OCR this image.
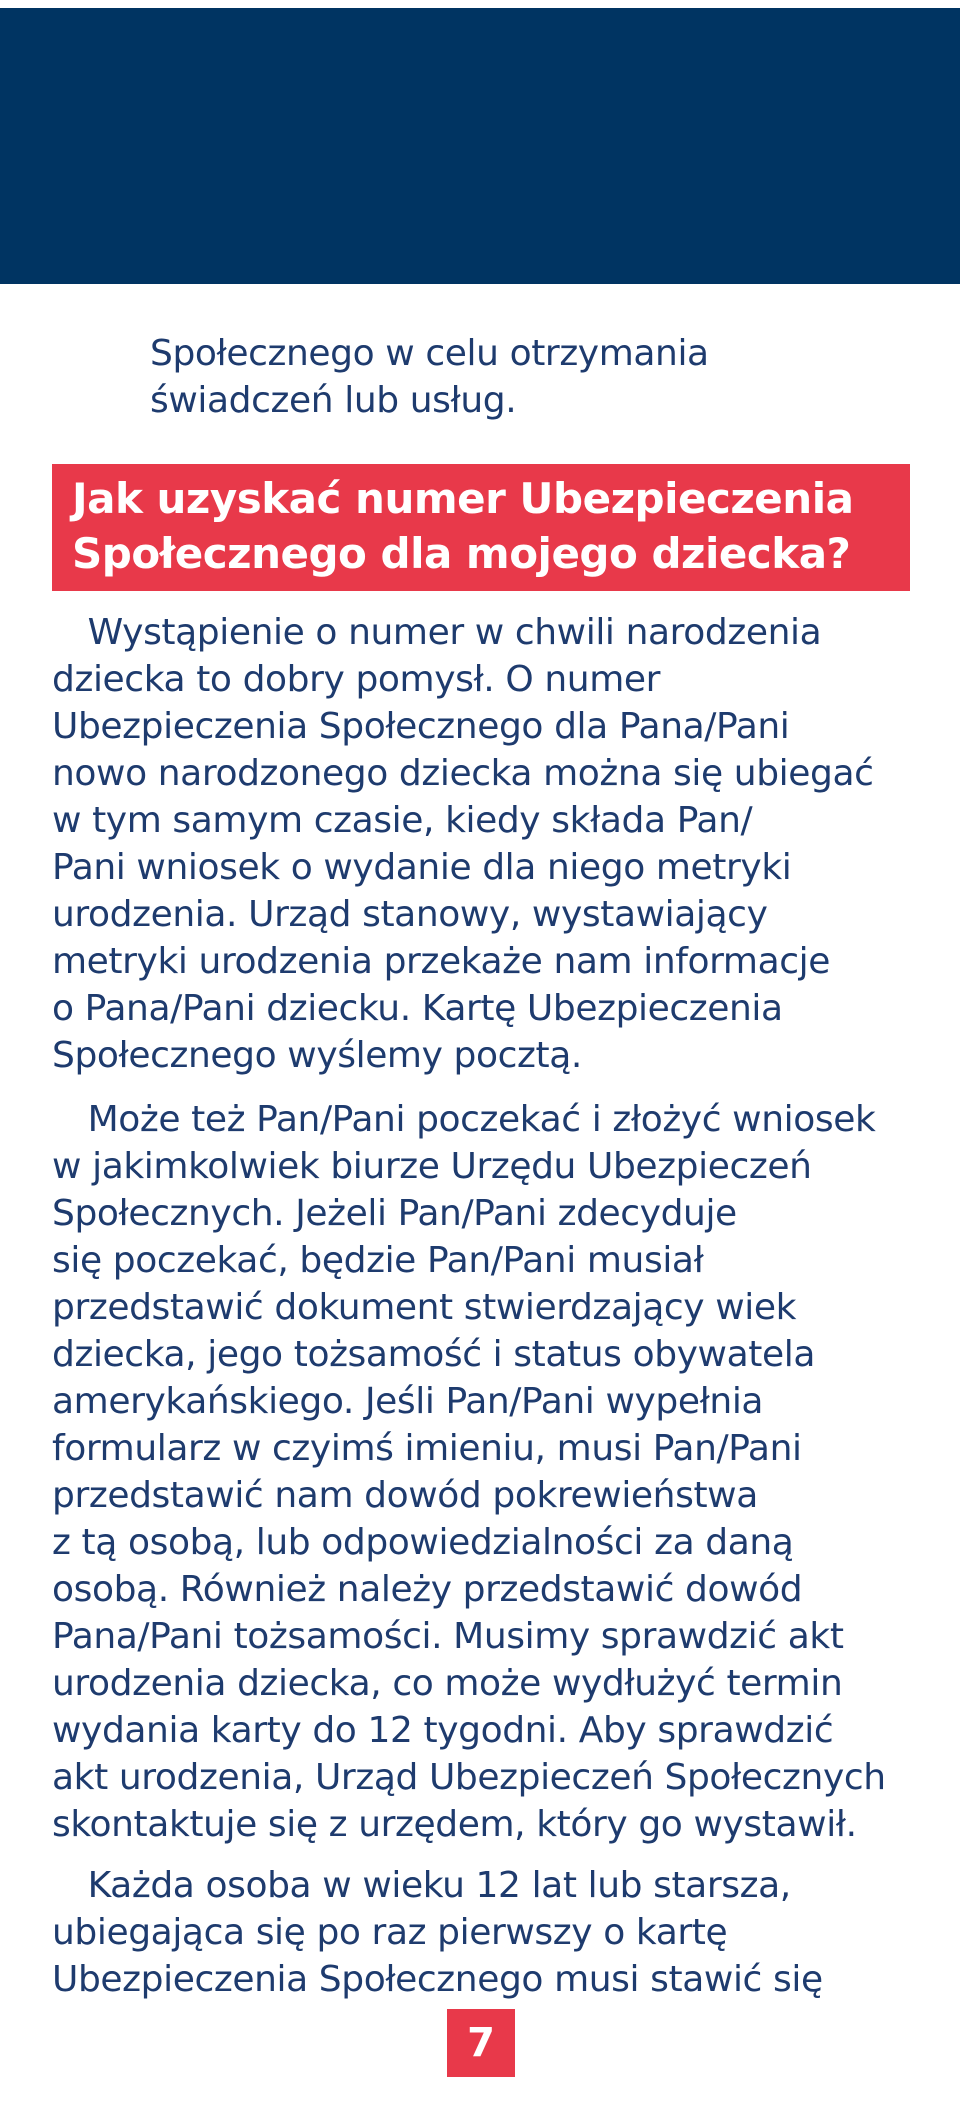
Społecznego w celu otrzymania
świadczeń lub usług.

Jak uzyskać numer Ubezpieczenia
Społecznego dla mojego dziecka?

 Wystąpienie o numer w chwili narodzenia
dziecka to dobry pomysł. O numer
Ubezpieczenia Społecznego dla Pana/Pani
nowo narodzonego dziecka można się ubiegać
w tym samym czasie, kiedy składa Pan/
Pani wniosek o wydanie dla niego metryki
urodzenia. Urząd stanowy, wystawiający
metryki urodzenia przekaże nam informacje
o Pana/Pani dziecku. Kartę Ubezpieczenia
Społecznego wyślemy pocztą.

 Może też Pan/Pani poczekać i złożyć wniosek
w jakimkolwiek biurze Urzędu Ubezpieczeń
Społecznych. Jeżeli Pan/Pani zdecyduje
się poczekać, będzie Pan/Pani musiał
przedstawić dokument stwierdzający wiek
dziecka, jego tożsamość i status obywatela
amerykańskiego. Jeśli Pan/Pani wypełnia
formularz w czyimś imieniu, musi Pan/Pani
przedstawić nam dowód pokrewieństwa
z tą osobą, lub odpowiedzialności za daną
osobą. Również należy przedstawić dowód
Pana/Pani tożsamości. Musimy sprawdzić akt
urodzenia dziecka, co może wydłużyć termin
wydania karty do 12 tygodni. Aby sprawdzić
akt urodzenia, Urząd Ubezpieczeń Społecznych
skontaktuje się z urzędem, który go wystawił.

 Każda osoba w wieku 12 lat lub starsza,
ubiegająca się po raz pierwszy o kartę
Ubezpieczenia Społecznego musi stawić się

7
